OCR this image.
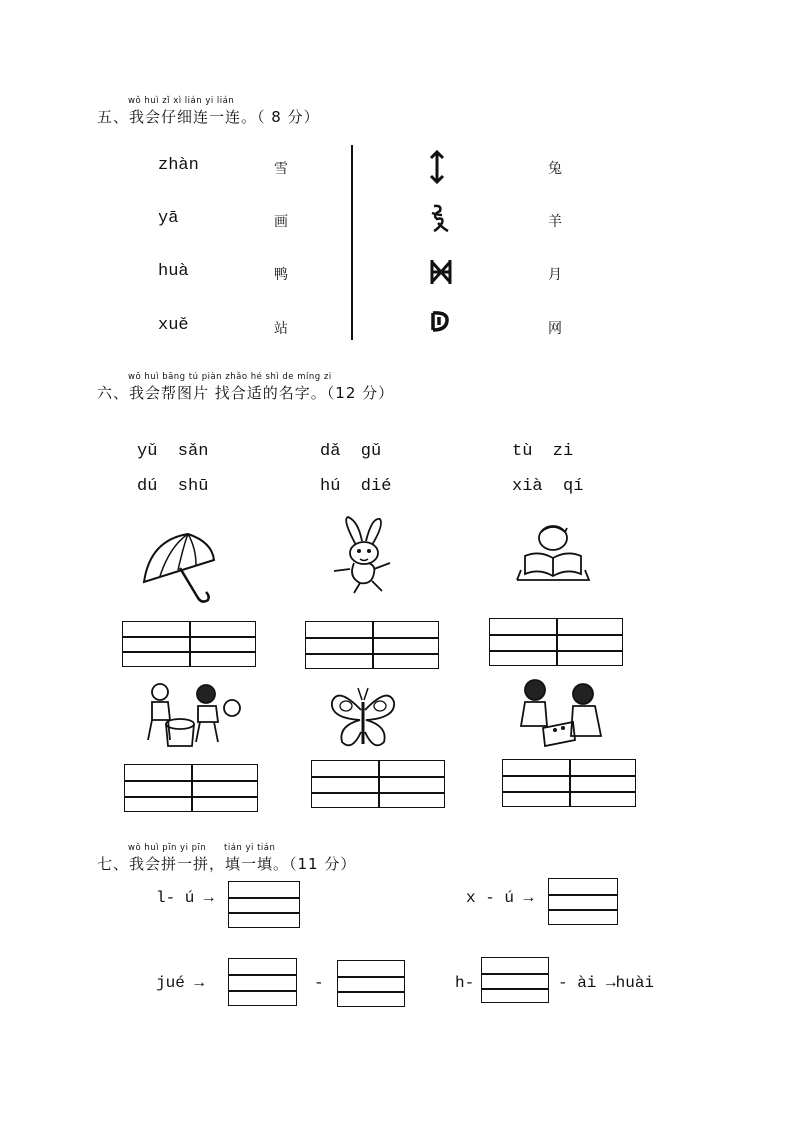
wǒ huì zǐ xì lián yi lián
五、我会仔细连一连。（ 8 分）
zhàn
yā
huà
xuě
雪
画
鸭
站
兔
羊
月
网
wǒ huì bāng tú piàn zhǎo hé shì de míng zi
六、我会帮图片 找合适的名字。（12 分）
yǔ  sǎn	dǎ  gǔ	tù  zi
dú  shū	hú  dié	xià  qí
wǒ huì pīn yi pīn tián yi tián
七、我会拼一拼，填一填。（11 分）
l- ú →	x - ú →
jué →	-	h-	- ài →huài
